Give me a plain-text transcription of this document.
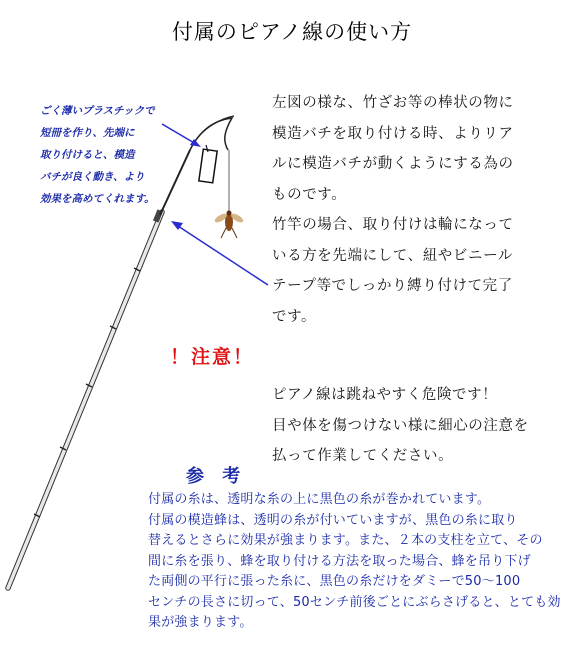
付属のピアノ線の使い方
ごく薄いプラスチックで
短冊を作り、先端に
取り付けると、模造
バチが良く動き、より
効果を高めてくれます。
左図の様な、竹ざお等の棒状の物に
模造バチを取り付ける時、よりリア
ルに模造バチが動くようにする為の
ものです。
竹竿の場合、取り付けは輪になって
いる方を先端にして、紐やビニール
テープ等でしっかり縛り付けて完了
です。
！注意！
ピアノ線は跳ねやすく危険です！
目や体を傷つけない様に細心の注意を
払って作業してください。
参 考
付属の糸は、透明な糸の上に黒色の糸が巻かれています。
付属の模造蜂は、透明の糸が付いていますが、黒色の糸に取り
替えるとさらに効果が強まります。また、２本の支柱を立て、その
間に糸を張り、蜂を取り付ける方法を取った場合、蜂を吊り下げ
た両側の平行に張った糸に、黒色の糸だけをダミーで50～100
センチの長さに切って、50センチ前後ごとにぶらさげると、とても効
果が強まります。
